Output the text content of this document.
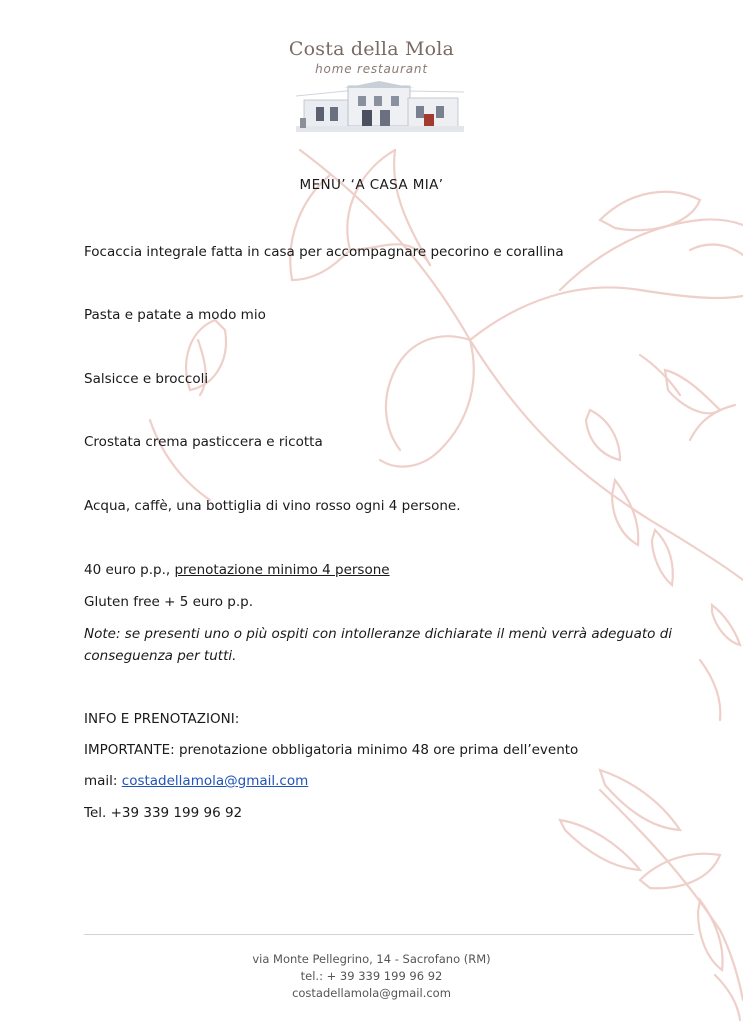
Costa della Mola
home restaurant
MENU’ ‘A CASA MIA’
Focaccia integrale fatta in casa per accompagnare pecorino e corallina
Pasta e patate a modo mio
Salsicce e broccoli
Crostata crema pasticcera e ricotta
Acqua, caffè, una bottiglia di vino rosso ogni 4 persone.
40 euro p.p., prenotazione minimo 4 persone
Gluten free + 5 euro p.p.
Note: se presenti uno o più ospiti con intolleranze dichiarate il menù verrà adeguato di conseguenza per tutti.
INFO E PRENOTAZIONI:
IMPORTANTE: prenotazione obbligatoria minimo 48 ore prima dell’evento
mail: costadellamola@gmail.com
Tel. +39 339 199 96 92
via Monte Pellegrino, 14 - Sacrofano (RM)
tel.: + 39 339 199 96 92
costadellamola@gmail.com
